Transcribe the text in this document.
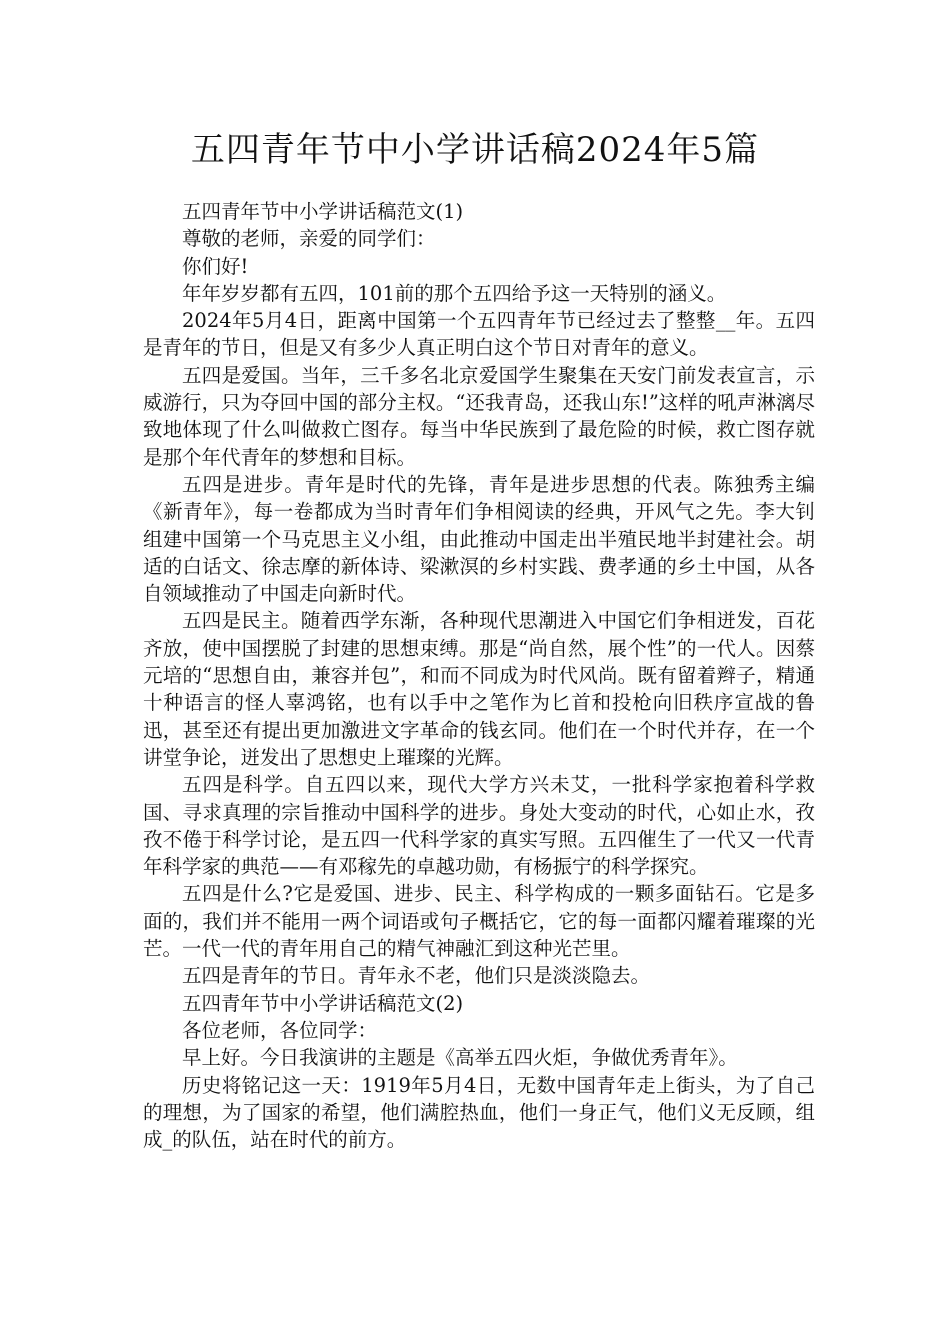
五四青年节中小学讲话稿2024年5篇

五四青年节中小学讲话稿范文(1)

尊敬的老师，亲爱的同学们：

你们好!

年年岁岁都有五四，101前的那个五四给予这一天特别的涵义。

2024年5月4日，距离中国第一个五四青年节已经过去了整整__年。五四是青年的节日，但是又有多少人真正明白这个节日对青年的意义。

五四是爱国。当年，三千多名北京爱国学生聚集在天安门前发表宣言，示威游行，只为夺回中国的部分主权。“还我青岛，还我山东!”这样的吼声淋漓尽致地体现了什么叫做救亡图存。每当中华民族到了最危险的时候，救亡图存就是那个年代青年的梦想和目标。

五四是进步。青年是时代的先锋，青年是进步思想的代表。陈独秀主编《新青年》，每一卷都成为当时青年们争相阅读的经典，开风气之先。李大钊组建中国第一个马克思主义小组，由此推动中国走出半殖民地半封建社会。胡适的白话文、徐志摩的新体诗、梁漱溟的乡村实践、费孝通的乡土中国，从各自领域推动了中国走向新时代。

五四是民主。随着西学东渐，各种现代思潮进入中国它们争相迸发，百花齐放，使中国摆脱了封建的思想束缚。那是“尚自然，展个性”的一代人。因蔡元培的“思想自由，兼容并包”，和而不同成为时代风尚。既有留着辫子，精通十种语言的怪人辜鸿铭，也有以手中之笔作为匕首和投枪向旧秩序宣战的鲁迅，甚至还有提出更加激进文字革命的钱玄同。他们在一个时代并存，在一个讲堂争论，迸发出了思想史上璀璨的光辉。

五四是科学。自五四以来，现代大学方兴未艾，一批科学家抱着科学救国、寻求真理的宗旨推动中国科学的进步。身处大变动的时代，心如止水，孜孜不倦于科学讨论，是五四一代科学家的真实写照。五四催生了一代又一代青年科学家的典范——有邓稼先的卓越功勋，有杨振宁的科学探究。

五四是什么?它是爱国、进步、民主、科学构成的一颗多面钻石。它是多面的，我们并不能用一两个词语或句子概括它，它的每一面都闪耀着璀璨的光芒。一代一代的青年用自己的精气神融汇到这种光芒里。

五四是青年的节日。青年永不老，他们只是淡淡隐去。

五四青年节中小学讲话稿范文(2)

各位老师，各位同学：

早上好。今日我演讲的主题是《高举五四火炬，争做优秀青年》。

历史将铭记这一天：1919年5月4日，无数中国青年走上街头，为了自己的理想，为了国家的希望，他们满腔热血，他们一身正气，他们义无反顾，组成_的队伍，站在时代的前方。
